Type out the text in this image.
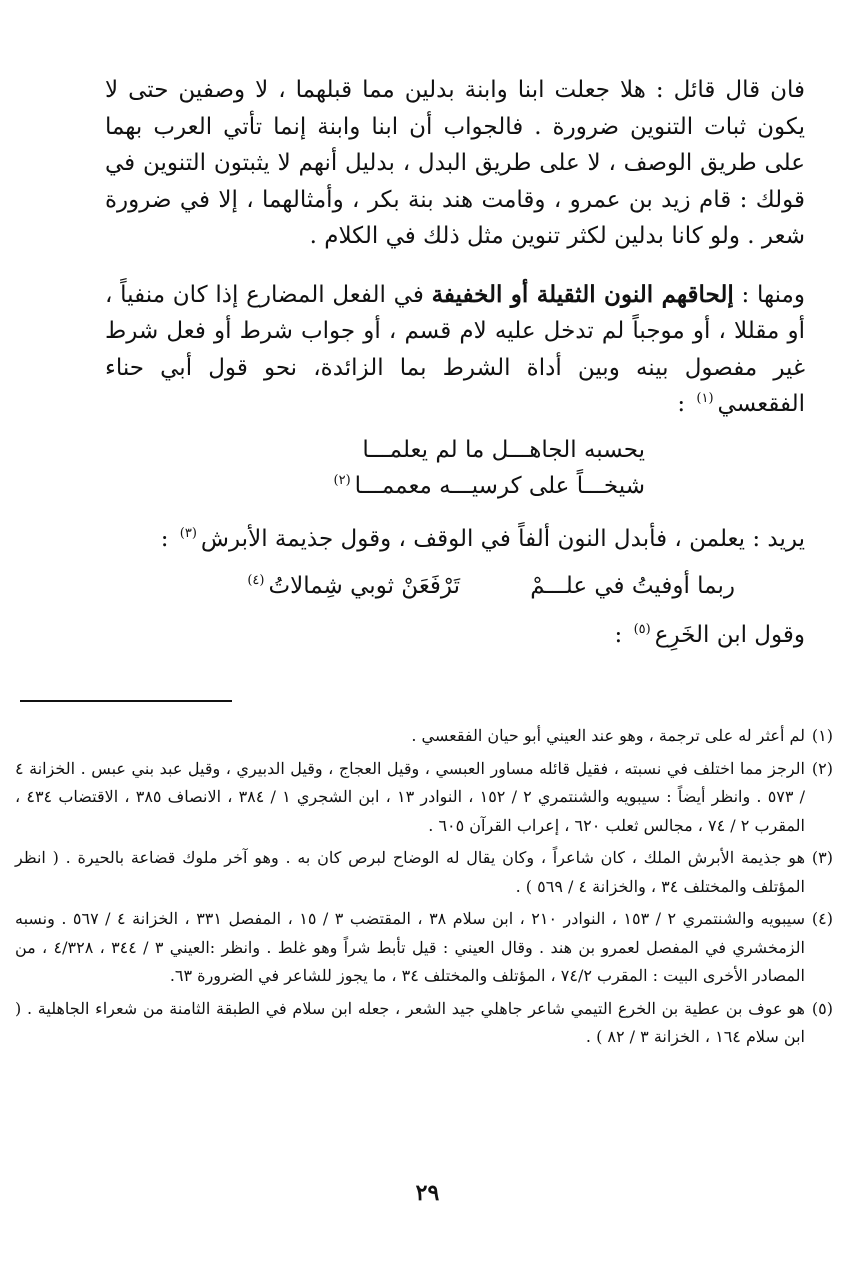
فان قال قائل : هلا جعلت ابنا وابنة بدلين مما قبلهما ، لا وصفين حتى لا يكون ثبات التنوين ضرورة . فالجواب أن ابنا وابنة إنما تأتي العرب بهما على طريق الوصف ، لا على طريق البدل ، بدليل أنهم لا يثبتون التنوين في قولك : قام زيد بن عمرو ، وقامت هند بنة بكر ، وأمثالهما ، إلا في ضرورة شعر . ولو كانا بدلين لكثر تنوين مثل ذلك في الكلام .

ومنها : إلحاقهم النون الثقيلة أو الخفيفة في الفعل المضارع إذا كان منفياً ، أو مقللا ، أو موجباً لم تدخل عليه لام قسم ، أو جواب شرط أو فعل شرط غير مفصول بينه وبين أداة الشرط بما الزائدة، نحو قول أبي حناء الفقعسي$^{(١)}$ :

يحسبه الجاهـــل ما لم يعلمـــا
شيخـــاً على كرسيـــه معممـــا$^{(٢)}$

يريد : يعلمن ، فأبدل النون ألفاً في الوقف ، وقول جذيمة الأبرش$^{(٣)}$ :

ربما أوفيتُ في علـــمْ
تَرْفَعَنْ ثوبي شِمالاتُ$^{(٤)}$

وقول ابن الخَرِع$^{(٥)}$ :

(١)
لم أعثر له على ترجمة ، وهو عند العيني أبو حيان الفقعسي .
(٢)
الرجز مما اختلف في نسبته ، فقيل قائله مساور العبسي ، وقيل العجاج ، وقيل الدبيري ، وقيل عبد بني عبس . الخزانة ٤ / ٥٧٣ . وانظر أيضاً : سيبويه والشنتمري ٢ / ١٥٢ ، النوادر ١٣ ، ابن الشجري ١ / ٣٨٤ ، الانصاف ٣٨٥ ، الاقتضاب ٤٣٤ ، المقرب ٢ / ٧٤ ، مجالس ثعلب ٦٢٠ ، إعراب القرآن ٦٠٥ .
(٣)
هو جذيمة الأبرش الملك ، كان شاعراً ، وكان يقال له الوضاح لبرص كان به . وهو آخر ملوك قضاعة بالحيرة . ( انظر المؤتلف والمختلف ٣٤ ، والخزانة ٤ / ٥٦٩ ) .
(٤)
سيبويه والشنتمري ٢ / ١٥٣ ، النوادر ٢١٠ ، ابن سلام ٣٨ ، المقتضب ٣ / ١٥ ، المفصل ٣٣١ ، الخزانة ٤ / ٥٦٧ . ونسبه الزمخشري في المفصل لعمرو بن هند . وقال العيني : قيل تأبط شراً وهو غلط . وانظر :العيني ٣ / ٣٤٤ ، ٤/٣٢٨ ، من المصادر الأخرى البيت : المقرب ٧٤/٢ ، المؤتلف والمختلف ٣٤ ، ما يجوز للشاعر في الضرورة ٦٣.
(٥)
هو عوف بن عطية بن الخرع التيمي شاعر جاهلي جيد الشعر ، جعله ابن سلام في الطبقة الثامنة من شعراء الجاهلية . ( ابن سلام ١٦٤ ، الخزانة ٣ / ٨٢ ) .
٢٩
